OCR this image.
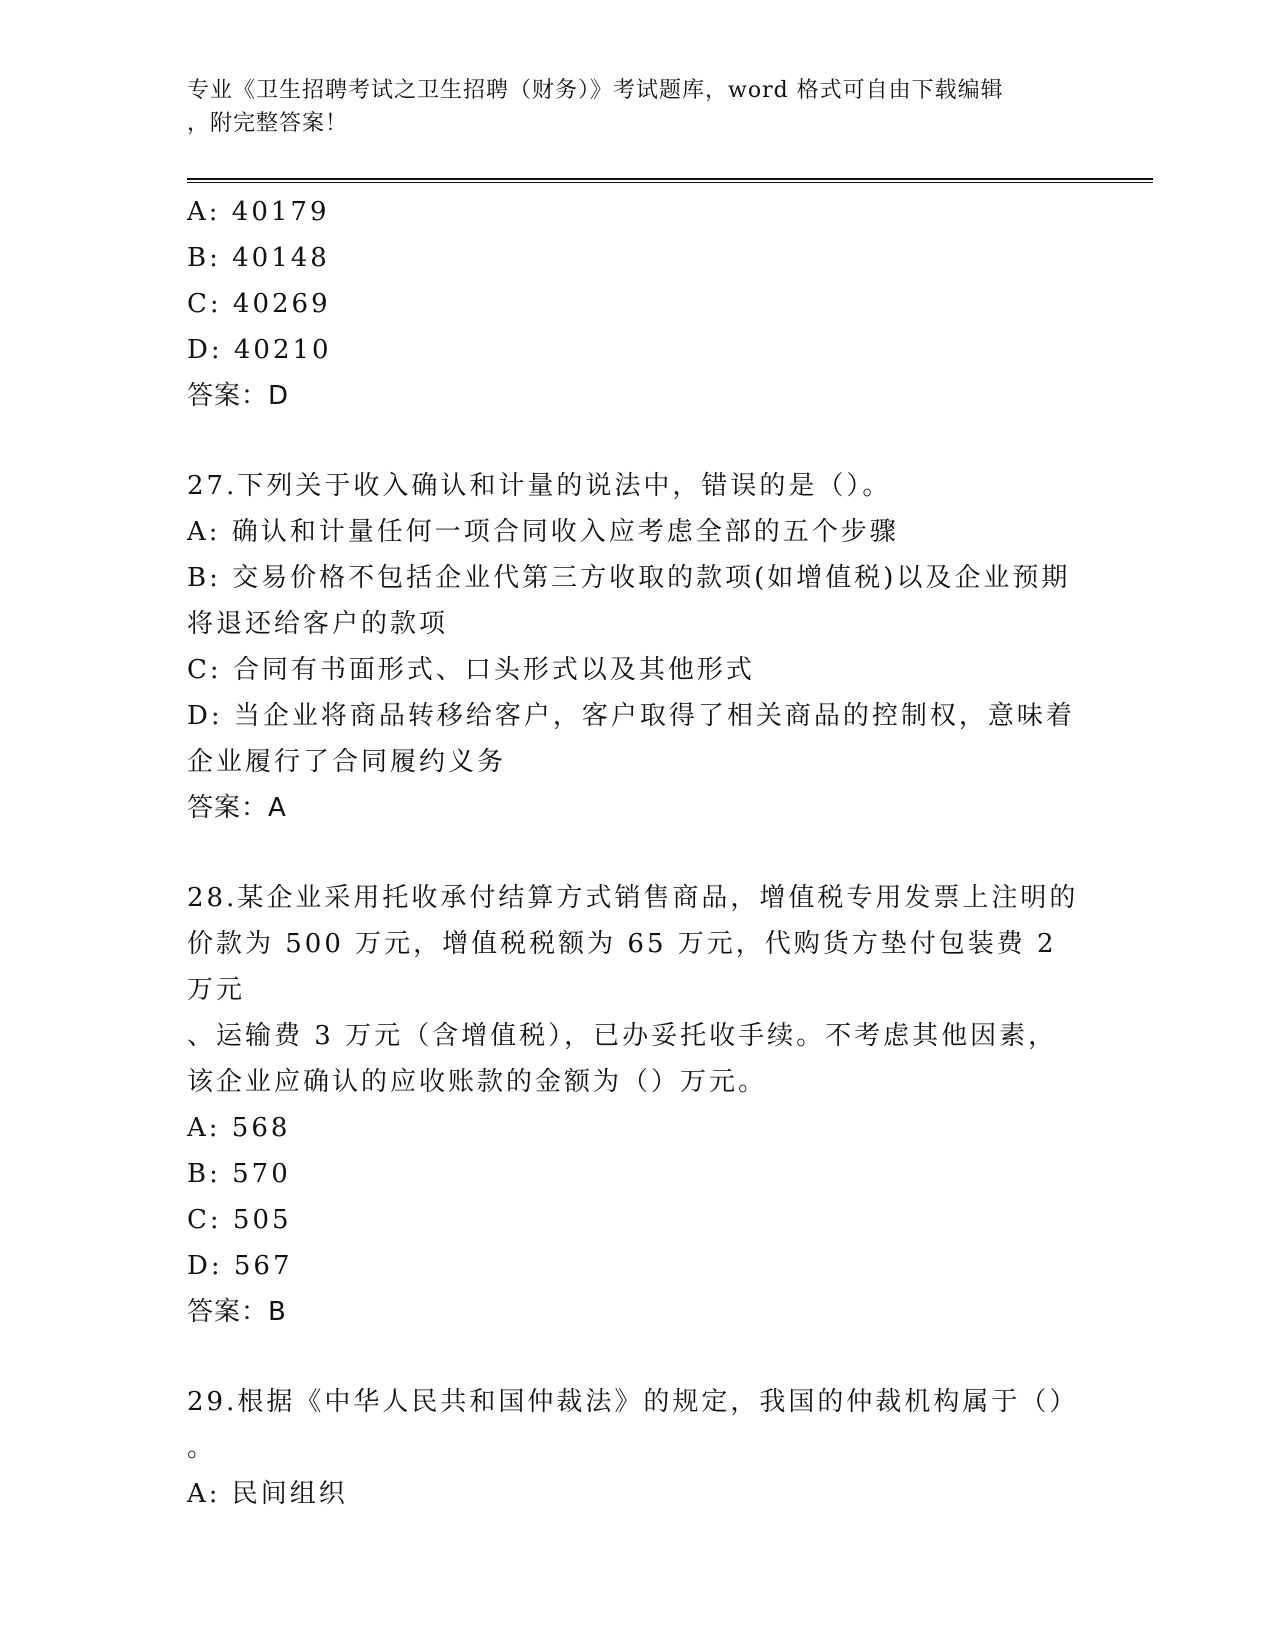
专业《卫生招聘考试之卫生招聘（财务）》考试题库，word 格式可自由下载编辑
，附完整答案！
A: 40179
B: 40148
C: 40269
D: 40210
答案：D
27.下列关于收入确认和计量的说法中，错误的是（）。
A: 确认和计量任何一项合同收入应考虑全部的五个步骤
B: 交易价格不包括企业代第三方收取的款项(如增值税)以及企业预期
将退还给客户的款项
C: 合同有书面形式、口头形式以及其他形式
D: 当企业将商品转移给客户，客户取得了相关商品的控制权，意味着
企业履行了合同履约义务
答案：A
28.某企业采用托收承付结算方式销售商品，增值税专用发票上注明的
价款为 500 万元，增值税税额为 65 万元，代购货方垫付包装费 2 万元
、运输费 3 万元（含增值税），已办妥托收手续。不考虑其他因素，
该企业应确认的应收账款的金额为（）万元。
A: 568
B: 570
C: 505
D: 567
答案：B
29.根据《中华人民共和国仲裁法》的规定，我国的仲裁机构属于（）
。
A: 民间组织
